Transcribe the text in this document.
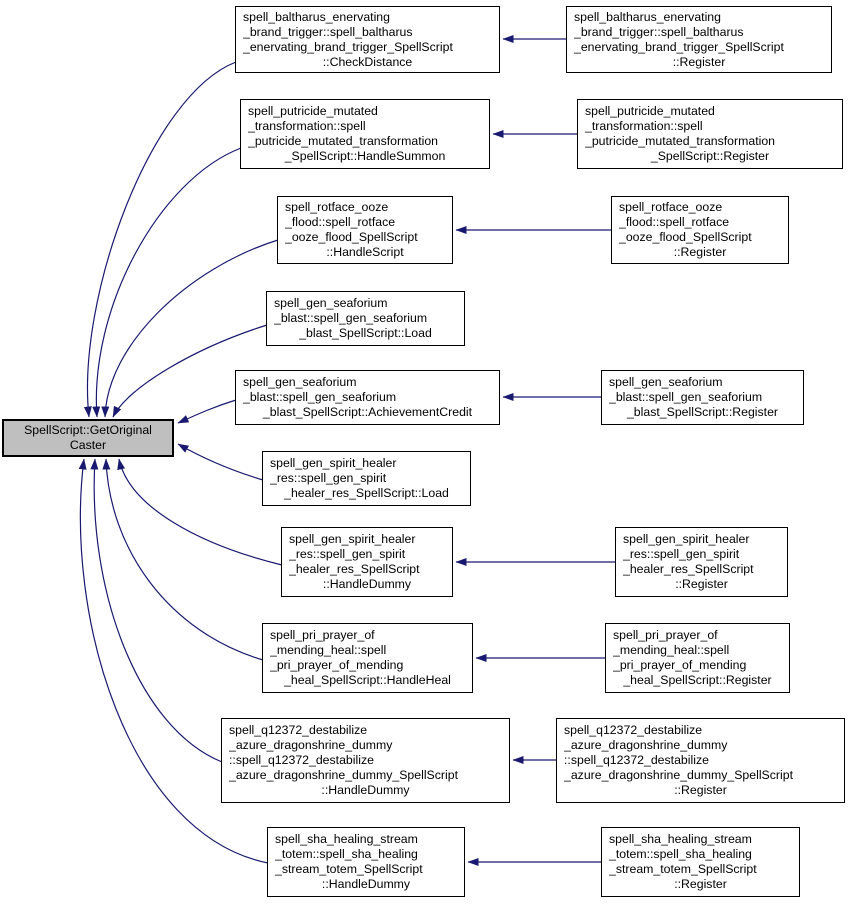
SpellScript::GetOriginal
Caster
spell_baltharus_enervating
_brand_trigger::spell_baltharus
_enervating_brand_trigger_SpellScript
::CheckDistance
spell_baltharus_enervating
_brand_trigger::spell_baltharus
_enervating_brand_trigger_SpellScript
::Register
spell_putricide_mutated
_transformation::spell
_putricide_mutated_transformation
_SpellScript::HandleSummon
spell_putricide_mutated
_transformation::spell
_putricide_mutated_transformation
_SpellScript::Register
spell_rotface_ooze
_flood::spell_rotface
_ooze_flood_SpellScript
::HandleScript
spell_rotface_ooze
_flood::spell_rotface
_ooze_flood_SpellScript
::Register
spell_gen_seaforium
_blast::spell_gen_seaforium
_blast_SpellScript::Load
spell_gen_seaforium
_blast::spell_gen_seaforium
_blast_SpellScript::AchievementCredit
spell_gen_seaforium
_blast::spell_gen_seaforium
_blast_SpellScript::Register
spell_gen_spirit_healer
_res::spell_gen_spirit
_healer_res_SpellScript::Load
spell_gen_spirit_healer
_res::spell_gen_spirit
_healer_res_SpellScript
::HandleDummy
spell_gen_spirit_healer
_res::spell_gen_spirit
_healer_res_SpellScript
::Register
spell_pri_prayer_of
_mending_heal::spell
_pri_prayer_of_mending
_heal_SpellScript::HandleHeal
spell_pri_prayer_of
_mending_heal::spell
_pri_prayer_of_mending
_heal_SpellScript::Register
spell_q12372_destabilize
_azure_dragonshrine_dummy
::spell_q12372_destabilize
_azure_dragonshrine_dummy_SpellScript
::HandleDummy
spell_q12372_destabilize
_azure_dragonshrine_dummy
::spell_q12372_destabilize
_azure_dragonshrine_dummy_SpellScript
::Register
spell_sha_healing_stream
_totem::spell_sha_healing
_stream_totem_SpellScript
::HandleDummy
spell_sha_healing_stream
_totem::spell_sha_healing
_stream_totem_SpellScript
::Register
